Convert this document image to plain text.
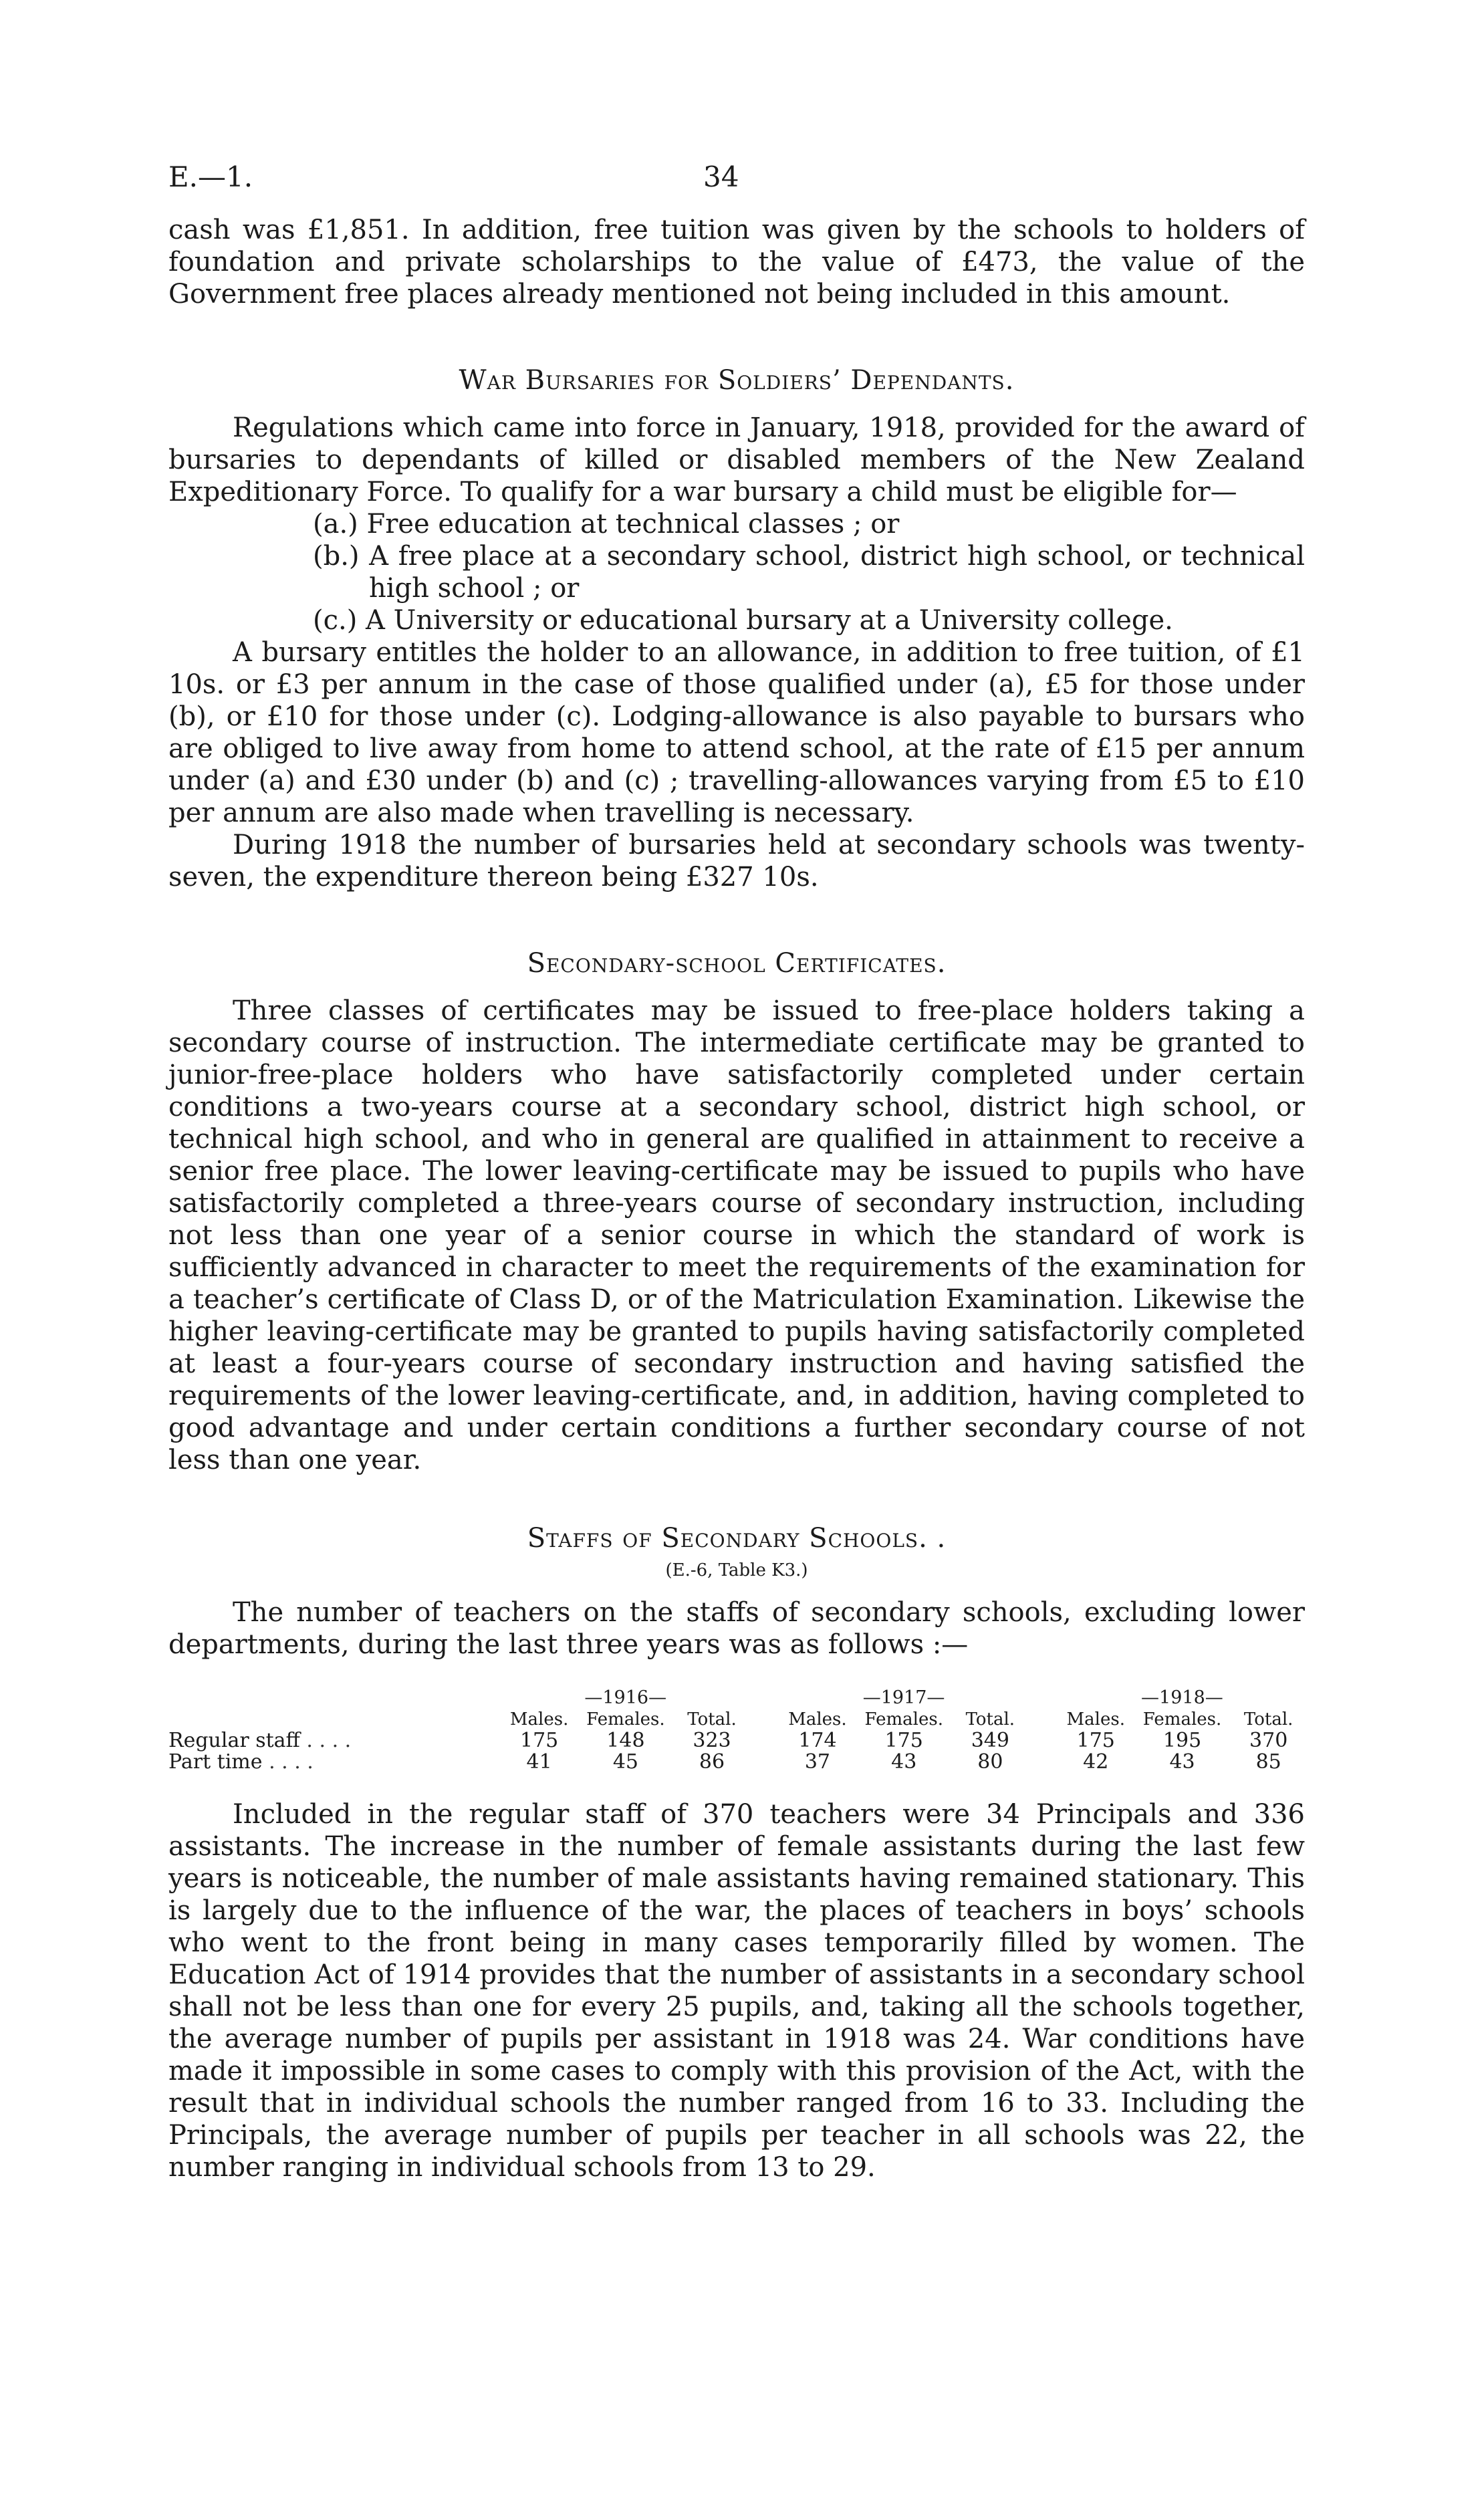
E.—1.	34

cash was £1,851. In addition, free tuition was given by the schools to holders of foundation and private scholarships to the value of £473, the value of the Government free places already mentioned not being included in this amount.

War Bursaries for Soldiers’ Dependants.

Regulations which came into force in January, 1918, provided for the award of bursaries to dependants of killed or disabled members of the New Zealand Expeditionary Force. To qualify for a war bursary a child must be eligible for—

(a.) Free education at technical classes ; or
(b.) A free place at a secondary school, district high school, or technical high school ; or
(c.) A University or educational bursary at a University college.

A bursary entitles the holder to an allowance, in addition to free tuition, of £1 10s. or £3 per annum in the case of those qualified under (a), £5 for those under (b), or £10 for those under (c). Lodging-allowance is also payable to bursars who are obliged to live away from home to attend school, at the rate of £15 per annum under (a) and £30 under (b) and (c) ; travelling-allowances varying from £5 to £10 per annum are also made when travelling is necessary.

During 1918 the number of bursaries held at secondary schools was twenty-seven, the expenditure thereon being £327 10s.

Secondary-school Certificates.

Three classes of certificates may be issued to free-place holders taking a secondary course of instruction. The intermediate certificate may be granted to junior-free-place holders who have satisfactorily completed under certain conditions a two-years course at a secondary school, district high school, or technical high school, and who in general are qualified in attainment to receive a senior free place. The lower leaving-certificate may be issued to pupils who have satisfactorily completed a three-years course of secondary instruction, including not less than one year of a senior course in which the standard of work is sufficiently advanced in character to meet the requirements of the examination for a teacher’s certificate of Class D, or of the Matriculation Examination. Likewise the higher leaving-certificate may be granted to pupils having satisfactorily completed at least a four-years course of secondary instruction and having satisfied the requirements of the lower leaving-certificate, and, in addition, having completed to good advantage and under certain conditions a further secondary course of not less than one year.

Staffs of Secondary Schools. .
(E.-6, Table K3.)

The number of teachers on the staffs of secondary schools, excluding lower departments, during the last three years was as follows :—

	—1916—				—1917—				—1918—		
	Males.	Females.	Total.		Males.	Females.	Total.		Males.	Females.	Total.
Regular staff . . . .	175	148	323		174	175	349		175	195	370
Part time . . . .	41	45	86		37	43	80		42	43	85

Included in the regular staff of 370 teachers were 34 Principals and 336 assistants. The increase in the number of female assistants during the last few years is noticeable, the number of male assistants having remained stationary. This is largely due to the influence of the war, the places of teachers in boys’ schools who went to the front being in many cases temporarily filled by women. The Education Act of 1914 provides that the number of assistants in a secondary school shall not be less than one for every 25 pupils, and, taking all the schools together, the average number of pupils per assistant in 1918 was 24. War conditions have made it impossible in some cases to comply with this provision of the Act, with the result that in individual schools the number ranged from 16 to 33. Including the Principals, the average number of pupils per teacher in all schools was 22, the number ranging in individual schools from 13 to 29.
